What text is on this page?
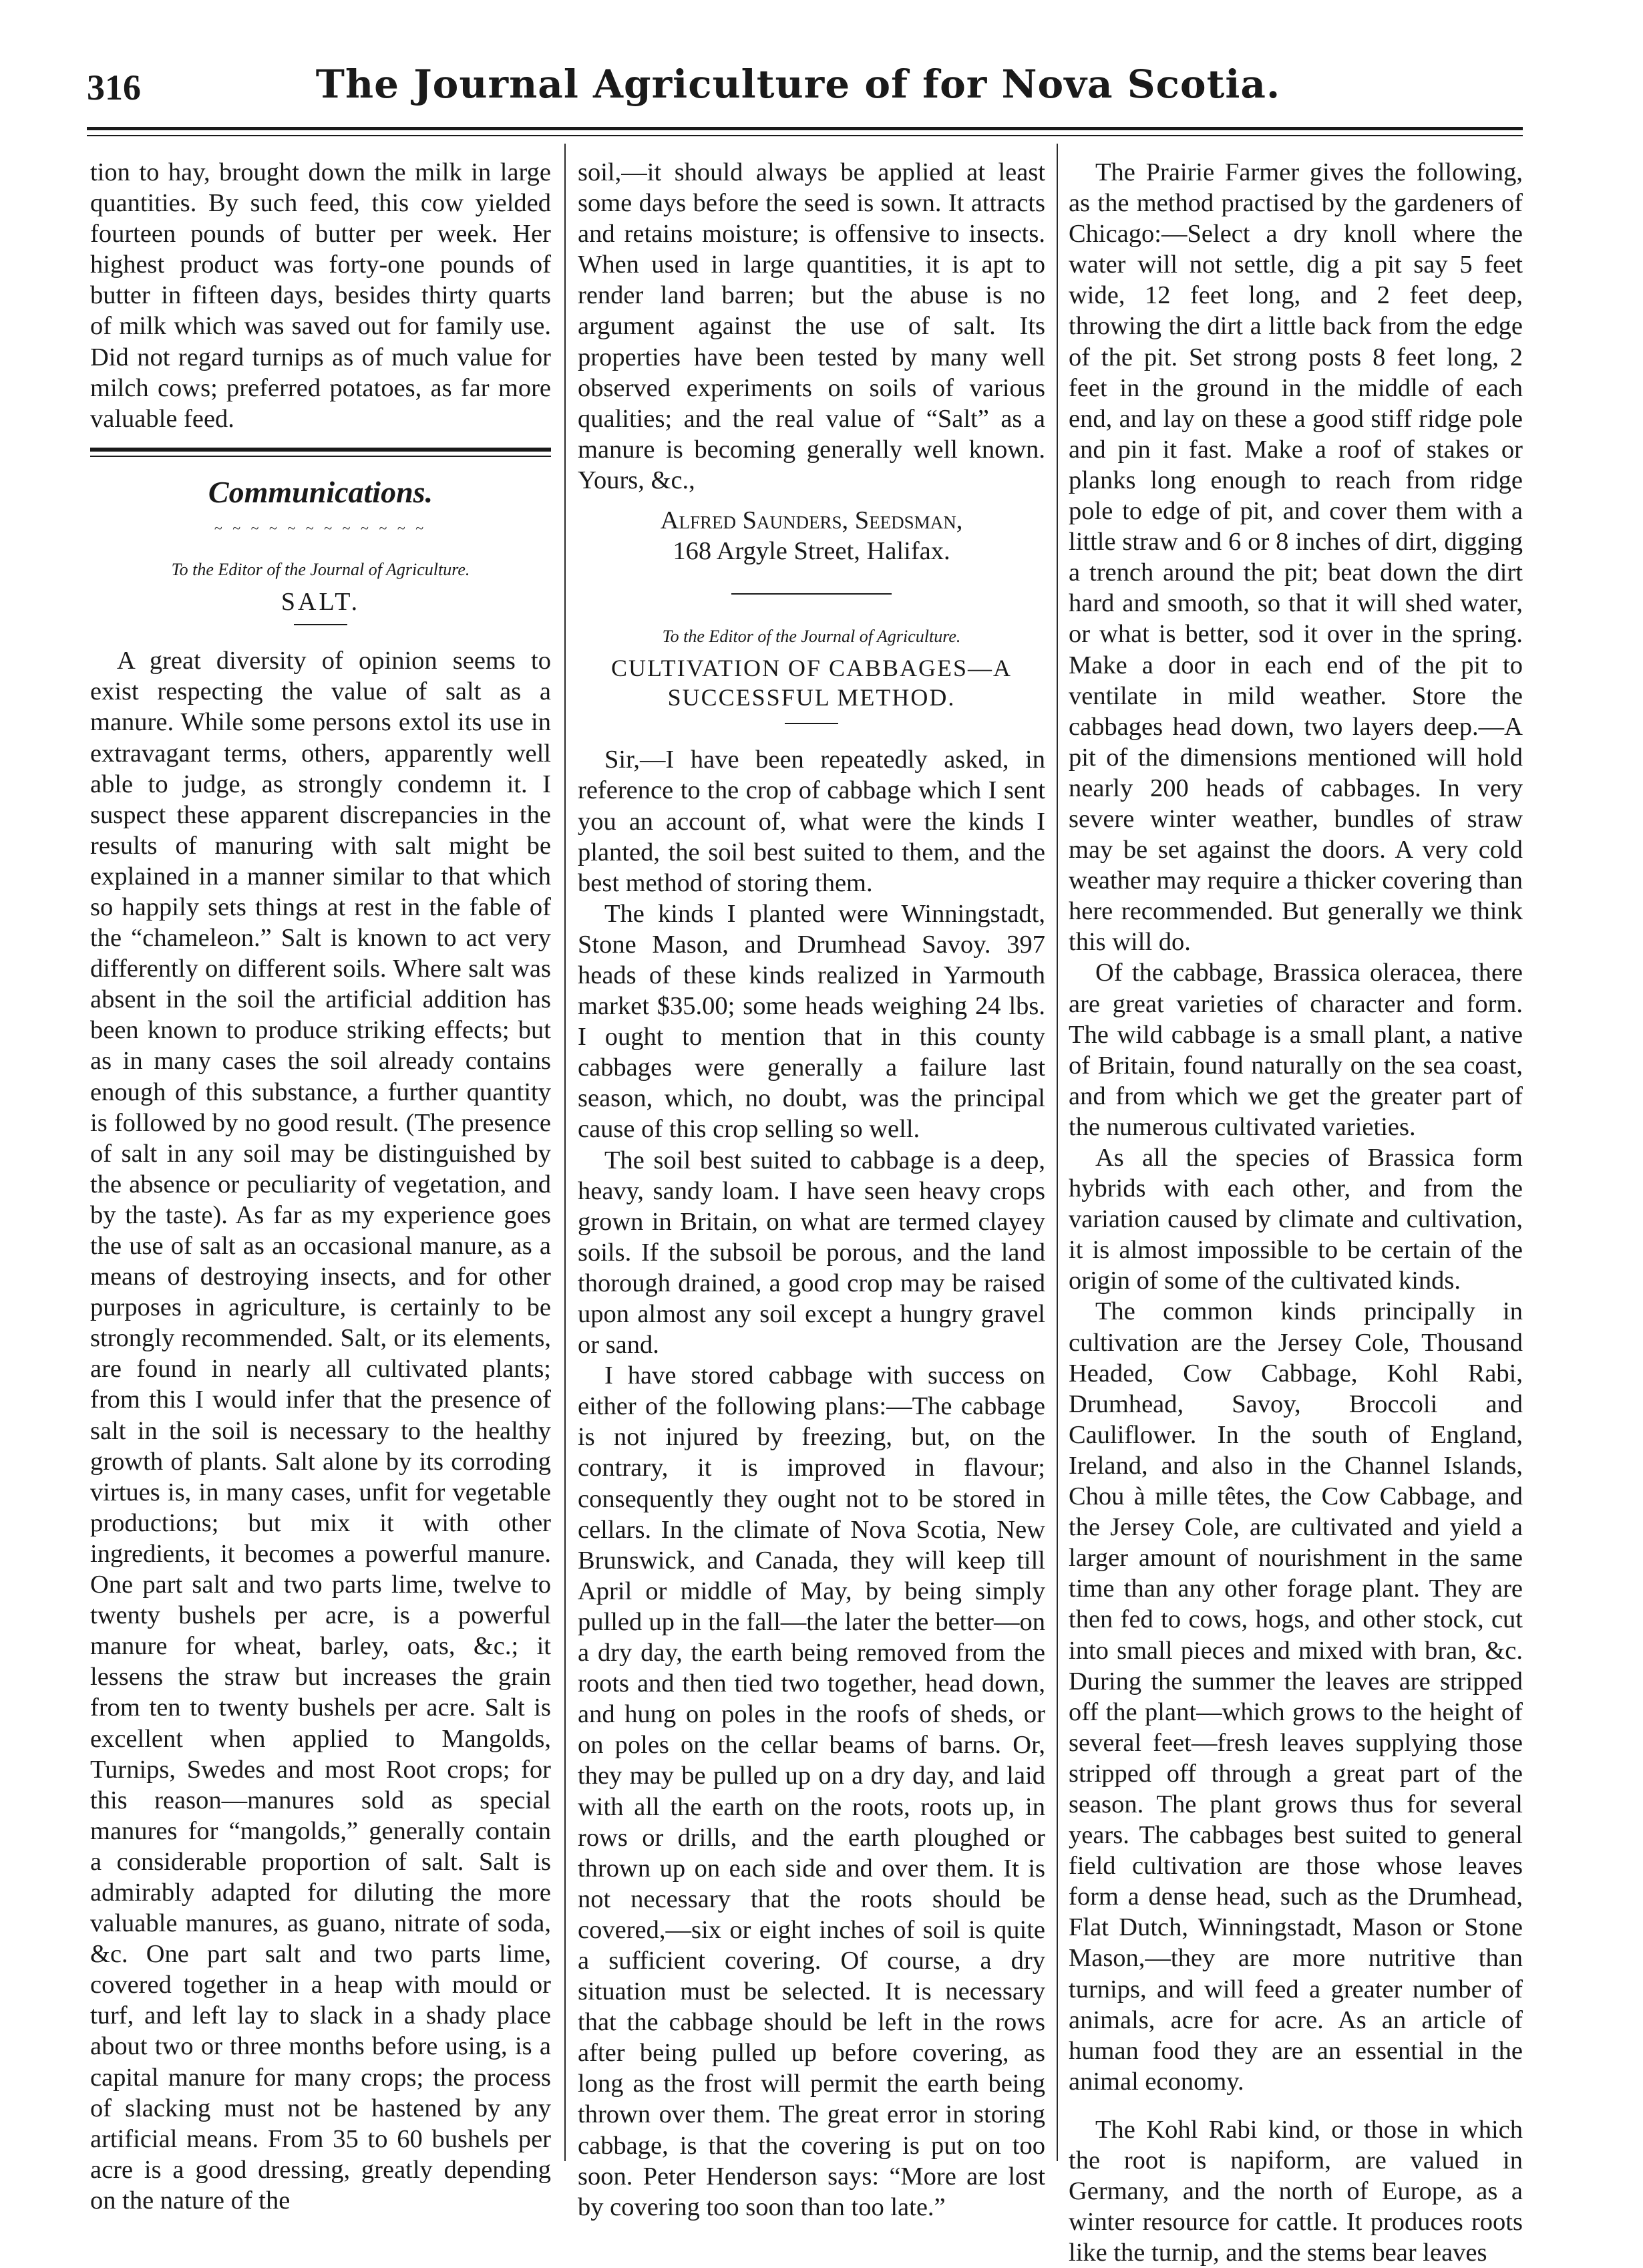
316	The Journal Agriculture of for Nova Scotia.

tion to hay, brought down the milk in large quantities. By such feed, this cow yielded fourteen pounds of butter per week. Her highest product was forty-one pounds of butter in fifteen days, besides thirty quarts of milk which was saved out for family use. Did not regard turnips as of much value for milch cows; preferred potatoes, as far more valuable feed.

Communications.
~ ~ ~ ~ ~ ~ ~ ~ ~ ~ ~ ~
To the Editor of the Journal of Agriculture.
SALT.

A great diversity of opinion seems to exist respecting the value of salt as a manure. While some persons extol its use in extravagant terms, others, apparently well able to judge, as strongly condemn it. I suspect these apparent discrepancies in the results of manuring with salt might be explained in a manner similar to that which so happily sets things at rest in the fable of the “chameleon.” Salt is known to act very differently on different soils. Where salt was absent in the soil the artificial addition has been known to produce striking effects; but as in many cases the soil already contains enough of this substance, a further quantity is followed by no good result. (The presence of salt in any soil may be distinguished by the absence or peculiarity of vegetation, and by the taste). As far as my experience goes the use of salt as an occasional manure, as a means of destroying insects, and for other purposes in agriculture, is certainly to be strongly recommended. Salt, or its elements, are found in nearly all cultivated plants; from this I would infer that the presence of salt in the soil is necessary to the healthy growth of plants. Salt alone by its corroding virtues is, in many cases, unfit for vegetable productions; but mix it with other ingredients, it becomes a powerful manure. One part salt and two parts lime, twelve to twenty bushels per acre, is a powerful manure for wheat, barley, oats, &c.; it lessens the straw but increases the grain from ten to twenty bushels per acre. Salt is excellent when applied to Mangolds, Turnips, Swedes and most Root crops; for this reason—manures sold as special manures for “mangolds,” generally contain a considerable proportion of salt. Salt is admirably adapted for diluting the more valuable manures, as guano, nitrate of soda, &c. One part salt and two parts lime, covered together in a heap with mould or turf, and left lay to slack in a shady place about two or three months before using, is a capital manure for many crops; the process of slacking must not be hastened by any artificial means. From 35 to 60 bushels per acre is a good dressing, greatly depending on the nature of the

soil,—it should always be applied at least some days before the seed is sown. It attracts and retains moisture; is offensive to insects. When used in large quantities, it is apt to render land barren; but the abuse is no argument against the use of salt. Its properties have been tested by many well observed experiments on soils of various qualities; and the real value of “Salt” as a manure is becoming generally well known. Yours, &c.,

Alfred Saunders, Seedsman,
168 Argyle Street, Halifax.
To the Editor of the Journal of Agriculture.
CULTIVATION OF CABBAGES—A SUCCESSFUL METHOD.

Sir,—I have been repeatedly asked, in reference to the crop of cabbage which I sent you an account of, what were the kinds I planted, the soil best suited to them, and the best method of storing them.

The kinds I planted were Winningstadt, Stone Mason, and Drumhead Savoy. 397 heads of these kinds realized in Yarmouth market $35.00; some heads weighing 24 lbs. I ought to mention that in this county cabbages were generally a failure last season, which, no doubt, was the principal cause of this crop selling so well.

The soil best suited to cabbage is a deep, heavy, sandy loam. I have seen heavy crops grown in Britain, on what are termed clayey soils. If the subsoil be porous, and the land thorough drained, a good crop may be raised upon almost any soil except a hungry gravel or sand.

I have stored cabbage with success on either of the following plans:—The cabbage is not injured by freezing, but, on the contrary, it is improved in flavour; consequently they ought not to be stored in cellars. In the climate of Nova Scotia, New Brunswick, and Canada, they will keep till April or middle of May, by being simply pulled up in the fall—the later the better—on a dry day, the earth being removed from the roots and then tied two together, head down, and hung on poles in the roofs of sheds, or on poles on the cellar beams of barns. Or, they may be pulled up on a dry day, and laid with all the earth on the roots, roots up, in rows or drills, and the earth ploughed or thrown up on each side and over them. It is not necessary that the roots should be covered,—six or eight inches of soil is quite a sufficient covering. Of course, a dry situation must be selected. It is necessary that the cabbage should be left in the rows after being pulled up before covering, as long as the frost will permit the earth being thrown over them. The great error in storing cabbage, is that the covering is put on too soon. Peter Henderson says: “More are lost by covering too soon than too late.”

The Prairie Farmer gives the following, as the method practised by the gardeners of Chicago:—Select a dry knoll where the water will not settle, dig a pit say 5 feet wide, 12 feet long, and 2 feet deep, throwing the dirt a little back from the edge of the pit. Set strong posts 8 feet long, 2 feet in the ground in the middle of each end, and lay on these a good stiff ridge pole and pin it fast. Make a roof of stakes or planks long enough to reach from ridge pole to edge of pit, and cover them with a little straw and 6 or 8 inches of dirt, digging a trench around the pit; beat down the dirt hard and smooth, so that it will shed water, or what is better, sod it over in the spring. Make a door in each end of the pit to ventilate in mild weather. Store the cabbages head down, two layers deep.—A pit of the dimensions mentioned will hold nearly 200 heads of cabbages. In very severe winter weather, bundles of straw may be set against the doors. A very cold weather may require a thicker covering than here recommended. But generally we think this will do.

Of the cabbage, Brassica oleracea, there are great varieties of character and form. The wild cabbage is a small plant, a native of Britain, found naturally on the sea coast, and from which we get the greater part of the numerous cultivated varieties.

As all the species of Brassica form hybrids with each other, and from the variation caused by climate and cultivation, it is almost impossible to be certain of the origin of some of the cultivated kinds.

The common kinds principally in cultivation are the Jersey Cole, Thousand Headed, Cow Cabbage, Kohl Rabi, Drumhead, Savoy, Broccoli and Cauliflower. In the south of England, Ireland, and also in the Channel Islands, Chou à mille têtes, the Cow Cabbage, and the Jersey Cole, are cultivated and yield a larger amount of nourishment in the same time than any other forage plant. They are then fed to cows, hogs, and other stock, cut into small pieces and mixed with bran, &c. During the summer the leaves are stripped off the plant—which grows to the height of several feet—fresh leaves supplying those stripped off through a great part of the season. The plant grows thus for several years. The cabbages best suited to general field cultivation are those whose leaves form a dense head, such as the Drumhead, Flat Dutch, Winningstadt, Mason or Stone Mason,—they are more nutritive than turnips, and will feed a greater number of animals, acre for acre. As an article of human food they are an essential in the animal economy.

The Kohl Rabi kind, or those in which the root is napiform, are valued in Germany, and the north of Europe, as a winter resource for cattle. It produces roots like the turnip, and the stems bear leaves
